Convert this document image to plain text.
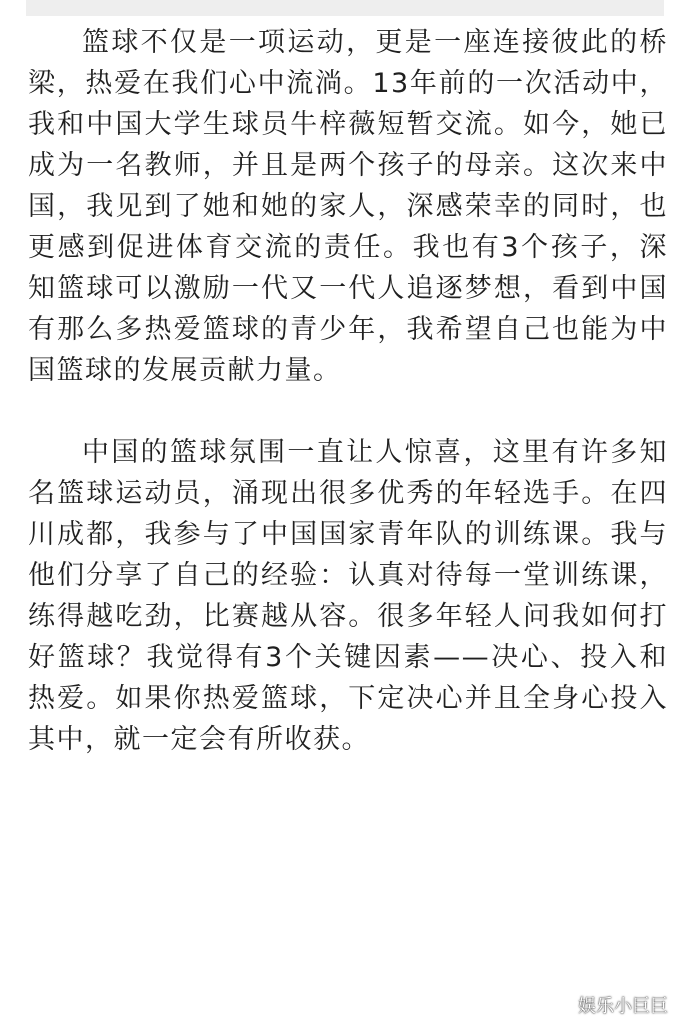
篮球不仅是一项运动，更是一座连接彼此的桥梁，热爱在我们心中流淌。13年前的一次活动中，我和中国大学生球员牛梓薇短暂交流。如今，她已成为一名教师，并且是两个孩子的母亲。这次来中国，我见到了她和她的家人，深感荣幸的同时，也更感到促进体育交流的责任。我也有3个孩子，深知篮球可以激励一代又一代人追逐梦想，看到中国有那么多热爱篮球的青少年，我希望自己也能为中国篮球的发展贡献力量。

中国的篮球氛围一直让人惊喜，这里有许多知名篮球运动员，涌现出很多优秀的年轻选手。在四川成都，我参与了中国国家青年队的训练课。我与他们分享了自己的经验：认真对待每一堂训练课，练得越吃劲，比赛越从容。很多年轻人问我如何打好篮球？我觉得有3个关键因素——决心、投入和热爱。如果你热爱篮球，下定决心并且全身心投入其中，就一定会有所收获。

娱乐小巨巨
